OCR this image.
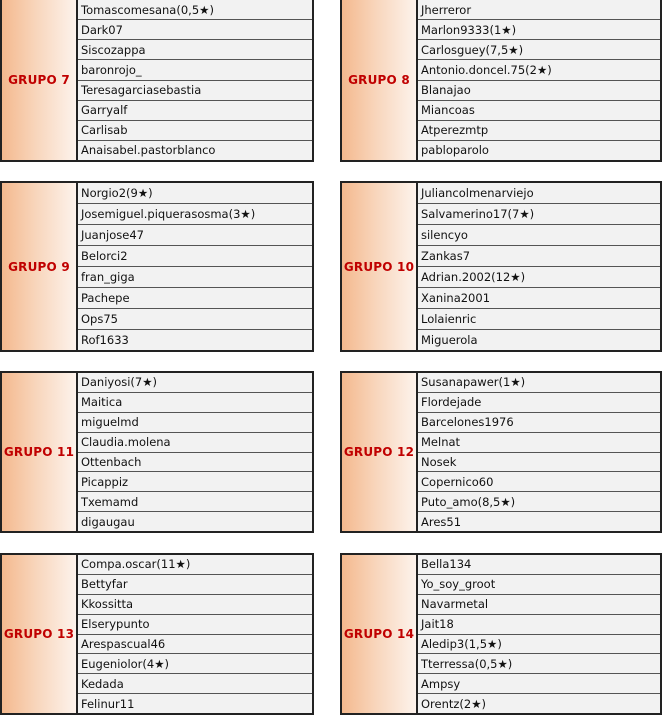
GRUPO 7
Tomascomesana(0,5★)
Dark07
Siscozappa
baronrojo_
Teresagarciasebastia
Garryalf
Carlisab
Anaisabel.pastorblanco
GRUPO 8
Jherreror
Marlon9333(1★)
Carlosguey(7,5★)
Antonio.doncel.75(2★)
Blanajao
Miancoas
Atperezmtp
pabloparolo
GRUPO 9
Norgio2(9★)
Josemiguel.piquerasosma(3★)
Juanjose47
Belorci2
fran_giga
Pachepe
Ops75
Rof1633
GRUPO 10
Juliancolmenarviejo
Salvamerino17(7★)
silencyo
Zankas7
Adrian.2002(12★)
Xanina2001
Lolaienric
Miguerola
GRUPO 11
Daniyosi(7★)
Maitica
miguelmd
Claudia.molena
Ottenbach
Picappiz
Txemamd
digaugau
GRUPO 12
Susanapawer(1★)
Flordejade
Barcelones1976
Melnat
Nosek
Copernico60
Puto_amo(8,5★)
Ares51
GRUPO 13
Compa.oscar(11★)
Bettyfar
Kkossitta
Elserypunto
Arespascual46
Eugeniolor(4★)
Kedada
Felinur11
GRUPO 14
Bella134
Yo_soy_groot
Navarmetal
Jait18
Aledip3(1,5★)
Tterressa(0,5★)
Ampsy
Orentz(2★)
